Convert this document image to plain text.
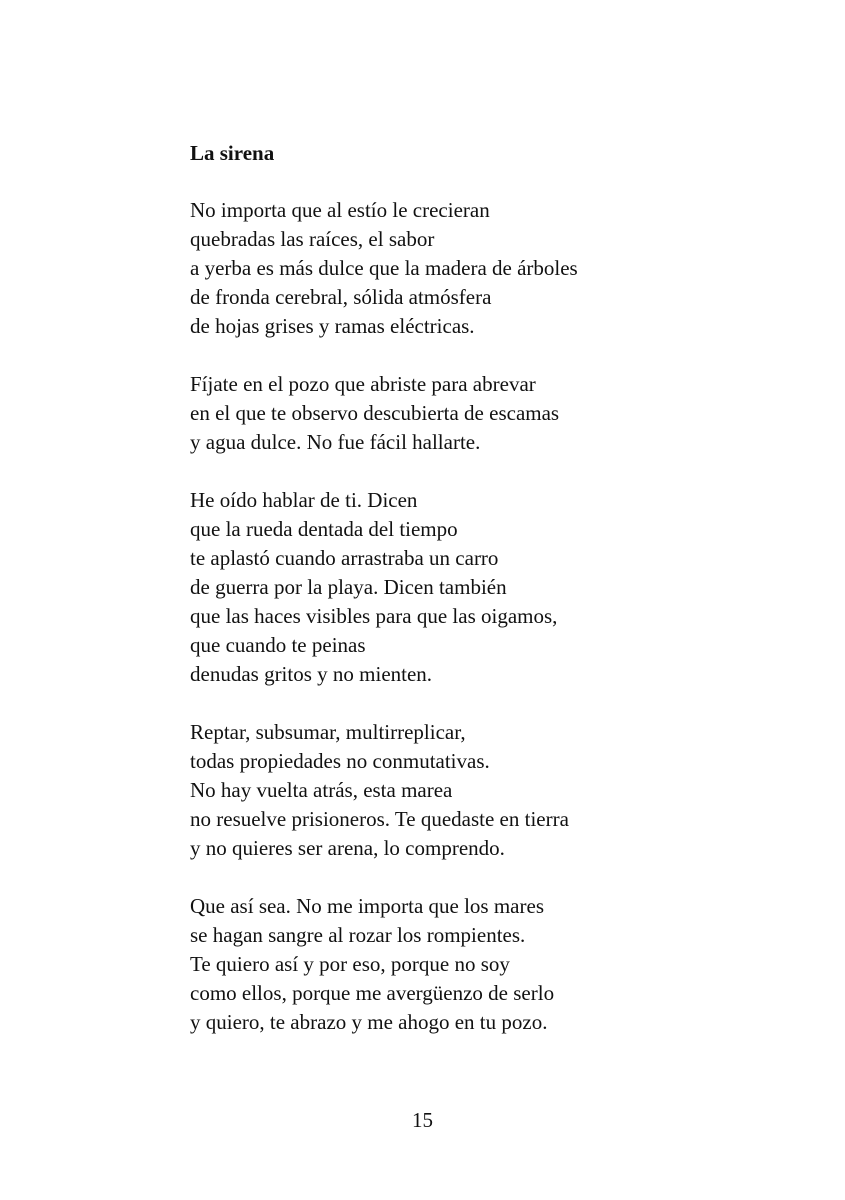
La sirena
No importa que al estío le crecieran
quebradas las raíces, el sabor
a yerba es más dulce que la madera de árboles
de fronda cerebral, sólida atmósfera
de hojas grises y ramas eléctricas.
Fíjate en el pozo que abriste para abrevar
en el que te observo descubierta de escamas
y agua dulce. No fue fácil hallarte.
He oído hablar de ti. Dicen
que la rueda dentada del tiempo
te aplastó cuando arrastraba un carro
de guerra por la playa. Dicen también
que las haces visibles para que las oigamos,
que cuando te peinas
denudas gritos y no mienten.
Reptar, subsumar, multirreplicar,
todas propiedades no conmutativas.
No hay vuelta atrás, esta marea
no resuelve prisioneros. Te quedaste en tierra
y no quieres ser arena, lo comprendo.
Que así sea. No me importa que los mares
se hagan sangre al rozar los rompientes.
Te quiero así y por eso, porque no soy
como ellos, porque me avergüenzo de serlo
y quiero, te abrazo y me ahogo en tu pozo.

15
